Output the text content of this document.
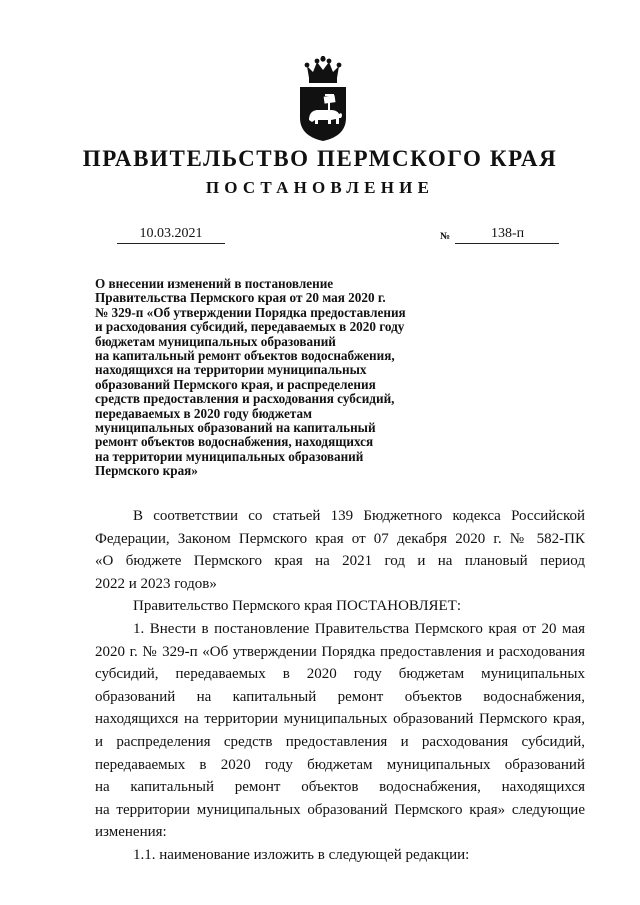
ПРАВИТЕЛЬСТВО ПЕРМСКОГО КРАЯ
ПОСТАНОВЛЕНИЕ
10.03.2021	№	138-п
О внесении изменений в постановление
Правительства Пермского края от 20 мая 2020 г.
№ 329-п «Об утверждении Порядка предоставления
и расходования субсидий, передаваемых в 2020 году
бюджетам муниципальных образований
на капитальный ремонт объектов водоснабжения,
находящихся на территории муниципальных
образований Пермского края, и распределения
средств предоставления и расходования субсидий,
передаваемых в 2020 году бюджетам
муниципальных образований на капитальный
ремонт объектов водоснабжения, находящихся
на территории муниципальных образований
Пермского края»
В соответствии со статьей 139 Бюджетного кодекса Российской
Федерации, Законом Пермского края от 07 декабря 2020 г. № 582-ПК
«О бюджете Пермского края на 2021 год и на плановый период
2022 и 2023 годов»
Правительство Пермского края ПОСТАНОВЛЯЕТ:
1. Внести в постановление Правительства Пермского края от 20 мая
2020 г. № 329-п «Об утверждении Порядка предоставления и расходования
субсидий, передаваемых в 2020 году бюджетам муниципальных
образований на капитальный ремонт объектов водоснабжения,
находящихся на территории муниципальных образований Пермского края,
и распределения средств предоставления и расходования субсидий,
передаваемых в 2020 году бюджетам муниципальных образований
на капитальный ремонт объектов водоснабжения, находящихся
на территории муниципальных образований Пермского края» следующие
изменения:
1.1. наименование изложить в следующей редакции:
